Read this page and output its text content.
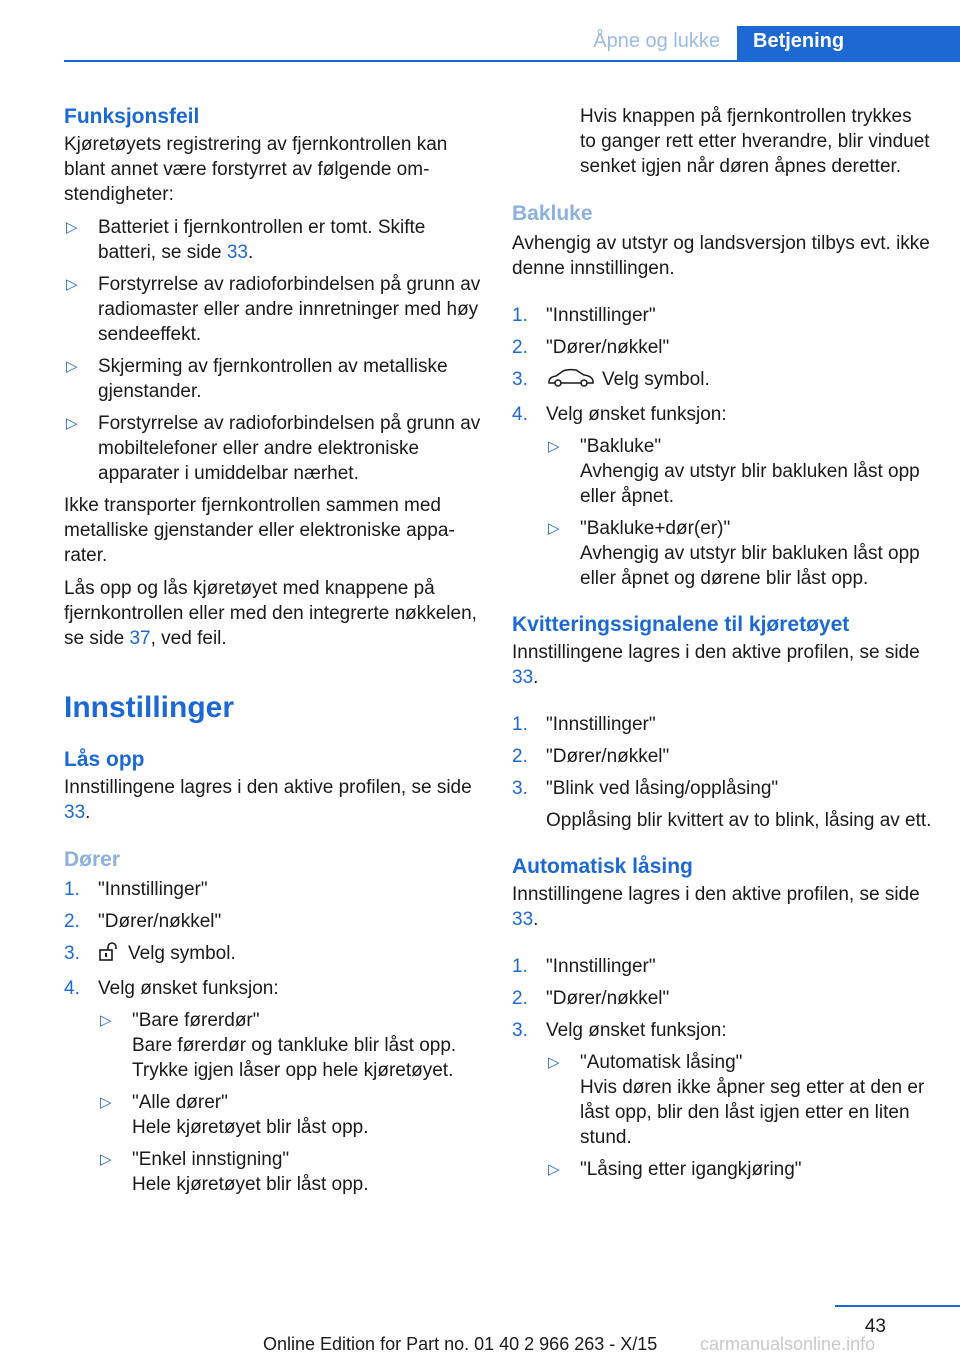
Åpne og lukke	Betjening
Funksjonsfeil

Kjøretøyets registrering av fjernkontrollen kan blant annet være forstyrret av følgende omstendigheter:

▷ Batteriet i fjernkontrollen er tomt. Skifte batteri, se side 33.
▷ Forstyrrelse av radioforbindelsen på grunn av radiomaster eller andre innretninger med høy sendeeffekt.
▷ Skjerming av fjernkontrollen av metalliske gjenstander.
▷ Forstyrrelse av radioforbindelsen på grunn av mobiltelefoner eller andre elektroniske apparater i umiddelbar nærhet.

Ikke transporter fjernkontrollen sammen med metalliske gjenstander eller elektroniske apparater.

Lås opp og lås kjøretøyet med knappene på fjernkontrollen eller med den integrerte nøkkelen, se side 37, ved feil.

Innstillinger
Lås opp

Innstillingene lagres i den aktive profilen, se side 33.

Dører
1. "Innstillinger"
2. "Dører/nøkkel"
3.	Velg symbol.
4. Velg ønsket funksjon:
▷ "Bare førerdør"
Bare førerdør og tankluke blir låst opp. Trykke igjen låser opp hele kjøretøyet.
▷ "Alle dører"
Hele kjøretøyet blir låst opp.
▷ "Enkel innstigning"
Hele kjøretøyet blir låst opp.

Hvis knappen på fjernkontrollen trykkes to ganger rett etter hverandre, blir vinduet senket igjen når døren åpnes deretter.

Bakluke

Avhengig av utstyr og landsversjon tilbys evt. ikke denne innstillingen.

1. "Innstillinger"
2. "Dører/nøkkel"
3.	Velg symbol.
4. Velg ønsket funksjon:
▷ "Bakluke"
Avhengig av utstyr blir bakluken låst opp eller åpnet.
▷ "Bakluke+dør(er)"
Avhengig av utstyr blir bakluken låst opp eller åpnet og dørene blir låst opp.
Kvitteringssignalene til kjøretøyet

Innstillingene lagres i den aktive profilen, se side 33.

1. "Innstillinger"
2. "Dører/nøkkel"
3. "Blink ved låsing/opplåsing"
Opplåsing blir kvittert av to blink, låsing av ett.
Automatisk låsing

Innstillingene lagres i den aktive profilen, se side 33.

1. "Innstillinger"
2. "Dører/nøkkel"
3. Velg ønsket funksjon:
▷ "Automatisk låsing"
Hvis døren ikke åpner seg etter at den er låst opp, blir den låst igjen etter en liten stund.
▷ "Låsing etter igangkjøring"
43
Online Edition for Part no. 01 40 2 966 263 - X/15 carmanualsonline.info
